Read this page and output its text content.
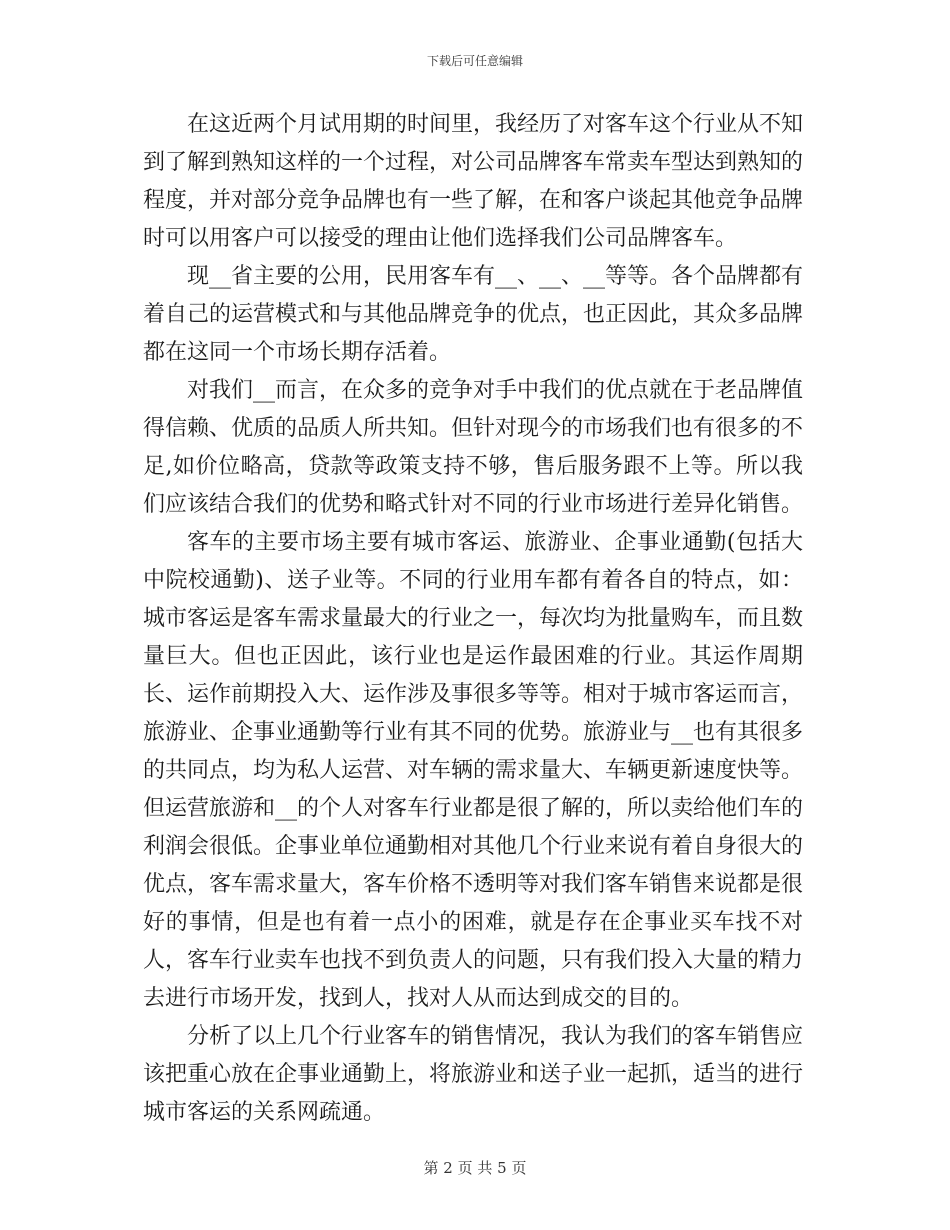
下载后可任意编辑

在这近两个月试用期的时间里，我经历了对客车这个行业从不知到了解到熟知这样的一个过程，对公司品牌客车常卖车型达到熟知的程度，并对部分竞争品牌也有一些了解，在和客户谈起其他竞争品牌时可以用客户可以接受的理由让他们选择我们公司品牌客车。

现__省主要的公用，民用客车有__、__、__等等。各个品牌都有着自己的运营模式和与其他品牌竞争的优点，也正因此，其众多品牌都在这同一个市场长期存活着。

对我们__而言，在众多的竞争对手中我们的优点就在于老品牌值得信赖、优质的品质人所共知。但针对现今的市场我们也有很多的不足,如价位略高，贷款等政策支持不够，售后服务跟不上等。所以我们应该结合我们的优势和略式针对不同的行业市场进行差异化销售。

客车的主要市场主要有城市客运、旅游业、企事业通勤(包括大中院校通勤)、送子业等。不同的行业用车都有着各自的特点，如：城市客运是客车需求量最大的行业之一，每次均为批量购车，而且数量巨大。但也正因此，该行业也是运作最困难的行业。其运作周期长、运作前期投入大、运作涉及事很多等等。相对于城市客运而言，旅游业、企事业通勤等行业有其不同的优势。旅游业与__也有其很多的共同点，均为私人运营、对车辆的需求量大、车辆更新速度快等。但运营旅游和__的个人对客车行业都是很了解的，所以卖给他们车的利润会很低。企事业单位通勤相对其他几个行业来说有着自身很大的优点，客车需求量大，客车价格不透明等对我们客车销售来说都是很好的事情，但是也有着一点小的困难，就是存在企事业买车找不对人，客车行业卖车也找不到负责人的问题，只有我们投入大量的精力去进行市场开发，找到人，找对人从而达到成交的目的。

分析了以上几个行业客车的销售情况，我认为我们的客车销售应该把重心放在企事业通勤上，将旅游业和送子业一起抓，适当的进行城市客运的关系网疏通。

第 2 页 共 5 页
